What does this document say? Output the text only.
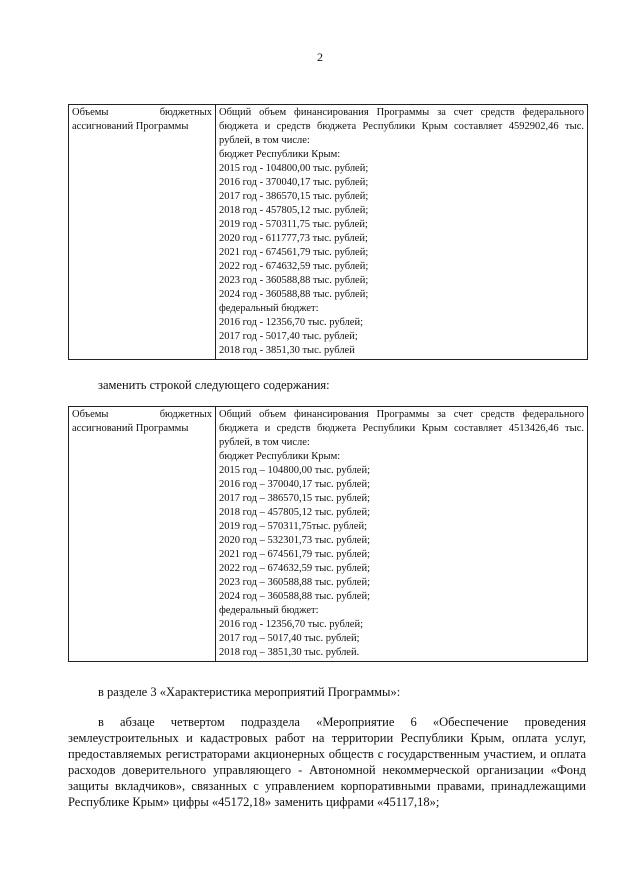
2
Объемы бюджетных
ассигнований Программы

Общий объем финансирования Программы за счет средств федерального бюджета и средств бюджета Республики Крым составляет 4592902,46 тыс. рублей, в том числе:
бюджет Республики Крым:
2015 год - 104800,00 тыс. рублей;
2016 год - 370040,17 тыс. рублей;
2017 год - 386570,15 тыс. рублей;
2018 год - 457805,12 тыс. рублей;
2019 год - 570311,75 тыс. рублей;
2020 год - 611777,73 тыс. рублей;
2021 год - 674561,79 тыс. рублей;
2022 год - 674632,59 тыс. рублей;
2023 год - 360588,88 тыс. рублей;
2024 год - 360588,88 тыс. рублей;
федеральный бюджет:
2016 год - 12356,70 тыс. рублей;
2017 год - 5017,40 тыс. рублей;
2018 год - 3851,30 тыс. рублей
заменить строкой следующего содержания:
Объемы бюджетных
ассигнований Программы

Общий объем финансирования Программы за счет средств федерального бюджета и средств бюджета Республики Крым составляет 4513426,46 тыс. рублей, в том числе:
бюджет Республики Крым:
2015 год – 104800,00 тыс. рублей;
2016 год – 370040,17 тыс. рублей;
2017 год – 386570,15 тыс. рублей;
2018 год – 457805,12 тыс. рублей;
2019 год – 570311,75тыс. рублей;
2020 год – 532301,73 тыс. рублей;
2021 год – 674561,79 тыс. рублей;
2022 год – 674632,59 тыс. рублей;
2023 год – 360588,88 тыс. рублей;
2024 год – 360588,88 тыс. рублей;
федеральный бюджет:
2016 год - 12356,70 тыс. рублей;
2017 год – 5017,40 тыс. рублей;
2018 год – 3851,30 тыс. рублей.
в разделе 3 «Характеристика мероприятий Программы»:
в абзаце четвертом подраздела «Мероприятие 6 «Обеспечение проведения землеустроительных и кадастровых работ на территории Республики Крым, оплата услуг, предоставляемых регистраторами акционерных обществ с государственным участием, и оплата расходов доверительного управляющего - Автономной некоммерческой организации «Фонд защиты вкладчиков», связанных с управлением корпоративными правами, принадлежащими Республике Крым» цифры «45172,18» заменить цифрами «45117,18»;
